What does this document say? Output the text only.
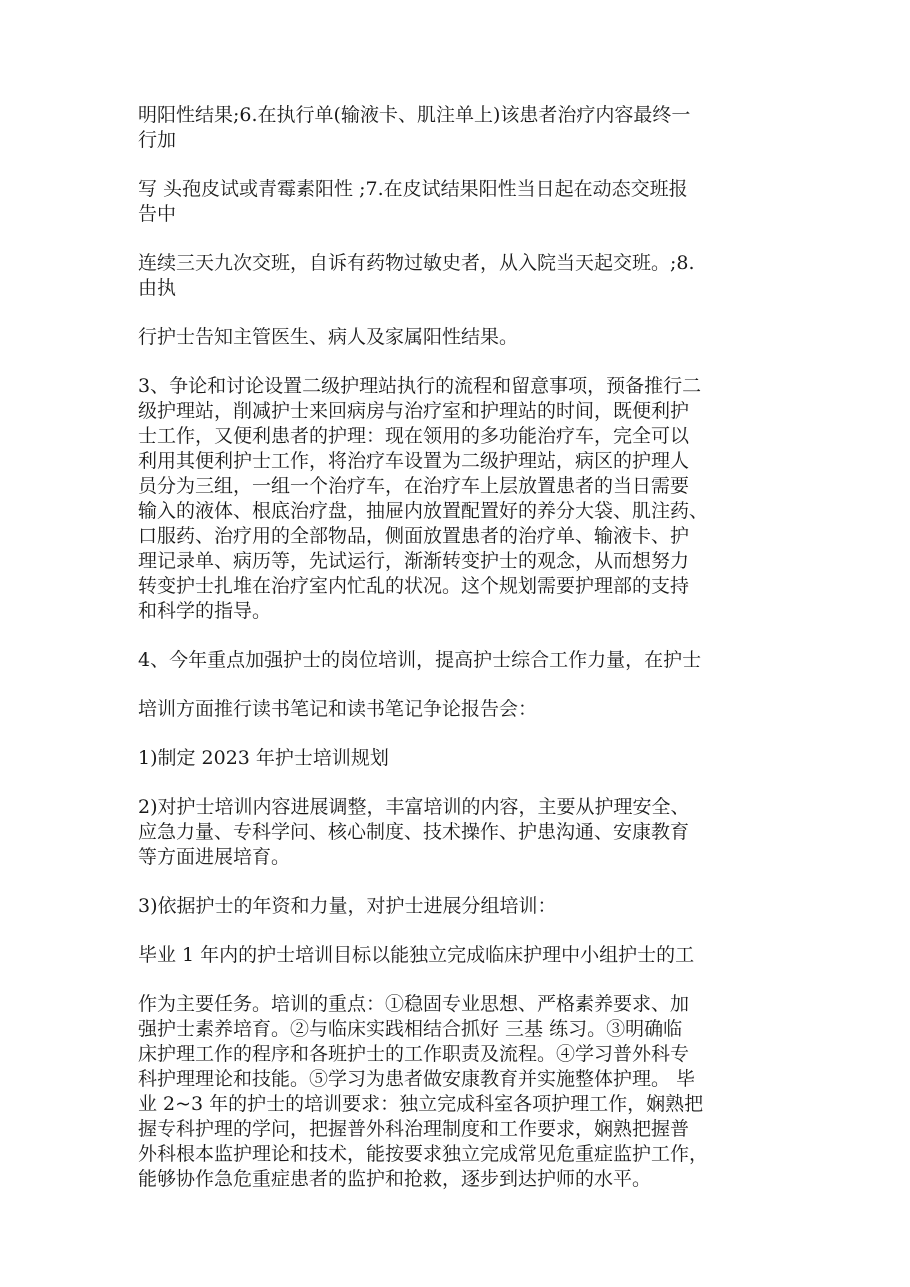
明阳性结果;6.在执行单(输液卡、肌注单上)该患者治疗内容最终一
行加

写 头孢皮试或青霉素阳性 ;7.在皮试结果阳性当日起在动态交班报
告中

连续三天九次交班，自诉有药物过敏史者，从入院当天起交班。;8.
由执

行护士告知主管医生、病人及家属阳性结果。

3、争论和讨论设置二级护理站执行的流程和留意事项，预备推行二
级护理站，削减护士来回病房与治疗室和护理站的时间，既便利护
士工作，又便利患者的护理：现在领用的多功能治疗车，完全可以
利用其便利护士工作，将治疗车设置为二级护理站，病区的护理人
员分为三组，一组一个治疗车，在治疗车上层放置患者的当日需要
输入的液体、根底治疗盘，抽屉内放置配置好的养分大袋、肌注药、
口服药、治疗用的全部物品，侧面放置患者的治疗单、输液卡、护
理记录单、病历等，先试运行，渐渐转变护士的观念，从而想努力
转变护士扎堆在治疗室内忙乱的状况。这个规划需要护理部的支持
和科学的指导。

4、今年重点加强护士的岗位培训，提高护士综合工作力量，在护士

培训方面推行读书笔记和读书笔记争论报告会：

1)制定 2023 年护士培训规划

2)对护士培训内容进展调整，丰富培训的内容，主要从护理安全、
应急力量、专科学问、核心制度、技术操作、护患沟通、安康教育
等方面进展培育。

3)依据护士的年资和力量，对护士进展分组培训：

毕业 1 年内的护士培训目标以能独立完成临床护理中小组护士的工

作为主要任务。培训的重点：①稳固专业思想、严格素养要求、加
强护士素养培育。②与临床实践相结合抓好 三基 练习。③明确临
床护理工作的程序和各班护士的工作职责及流程。④学习普外科专
科护理理论和技能。⑤学习为患者做安康教育并实施整体护理。 毕
业 2~3 年的护士的培训要求：独立完成科室各项护理工作，娴熟把
握专科护理的学问，把握普外科治理制度和工作要求，娴熟把握普
外科根本监护理论和技术，能按要求独立完成常见危重症监护工作，
能够协作急危重症患者的监护和抢救，逐步到达护师的水平。
